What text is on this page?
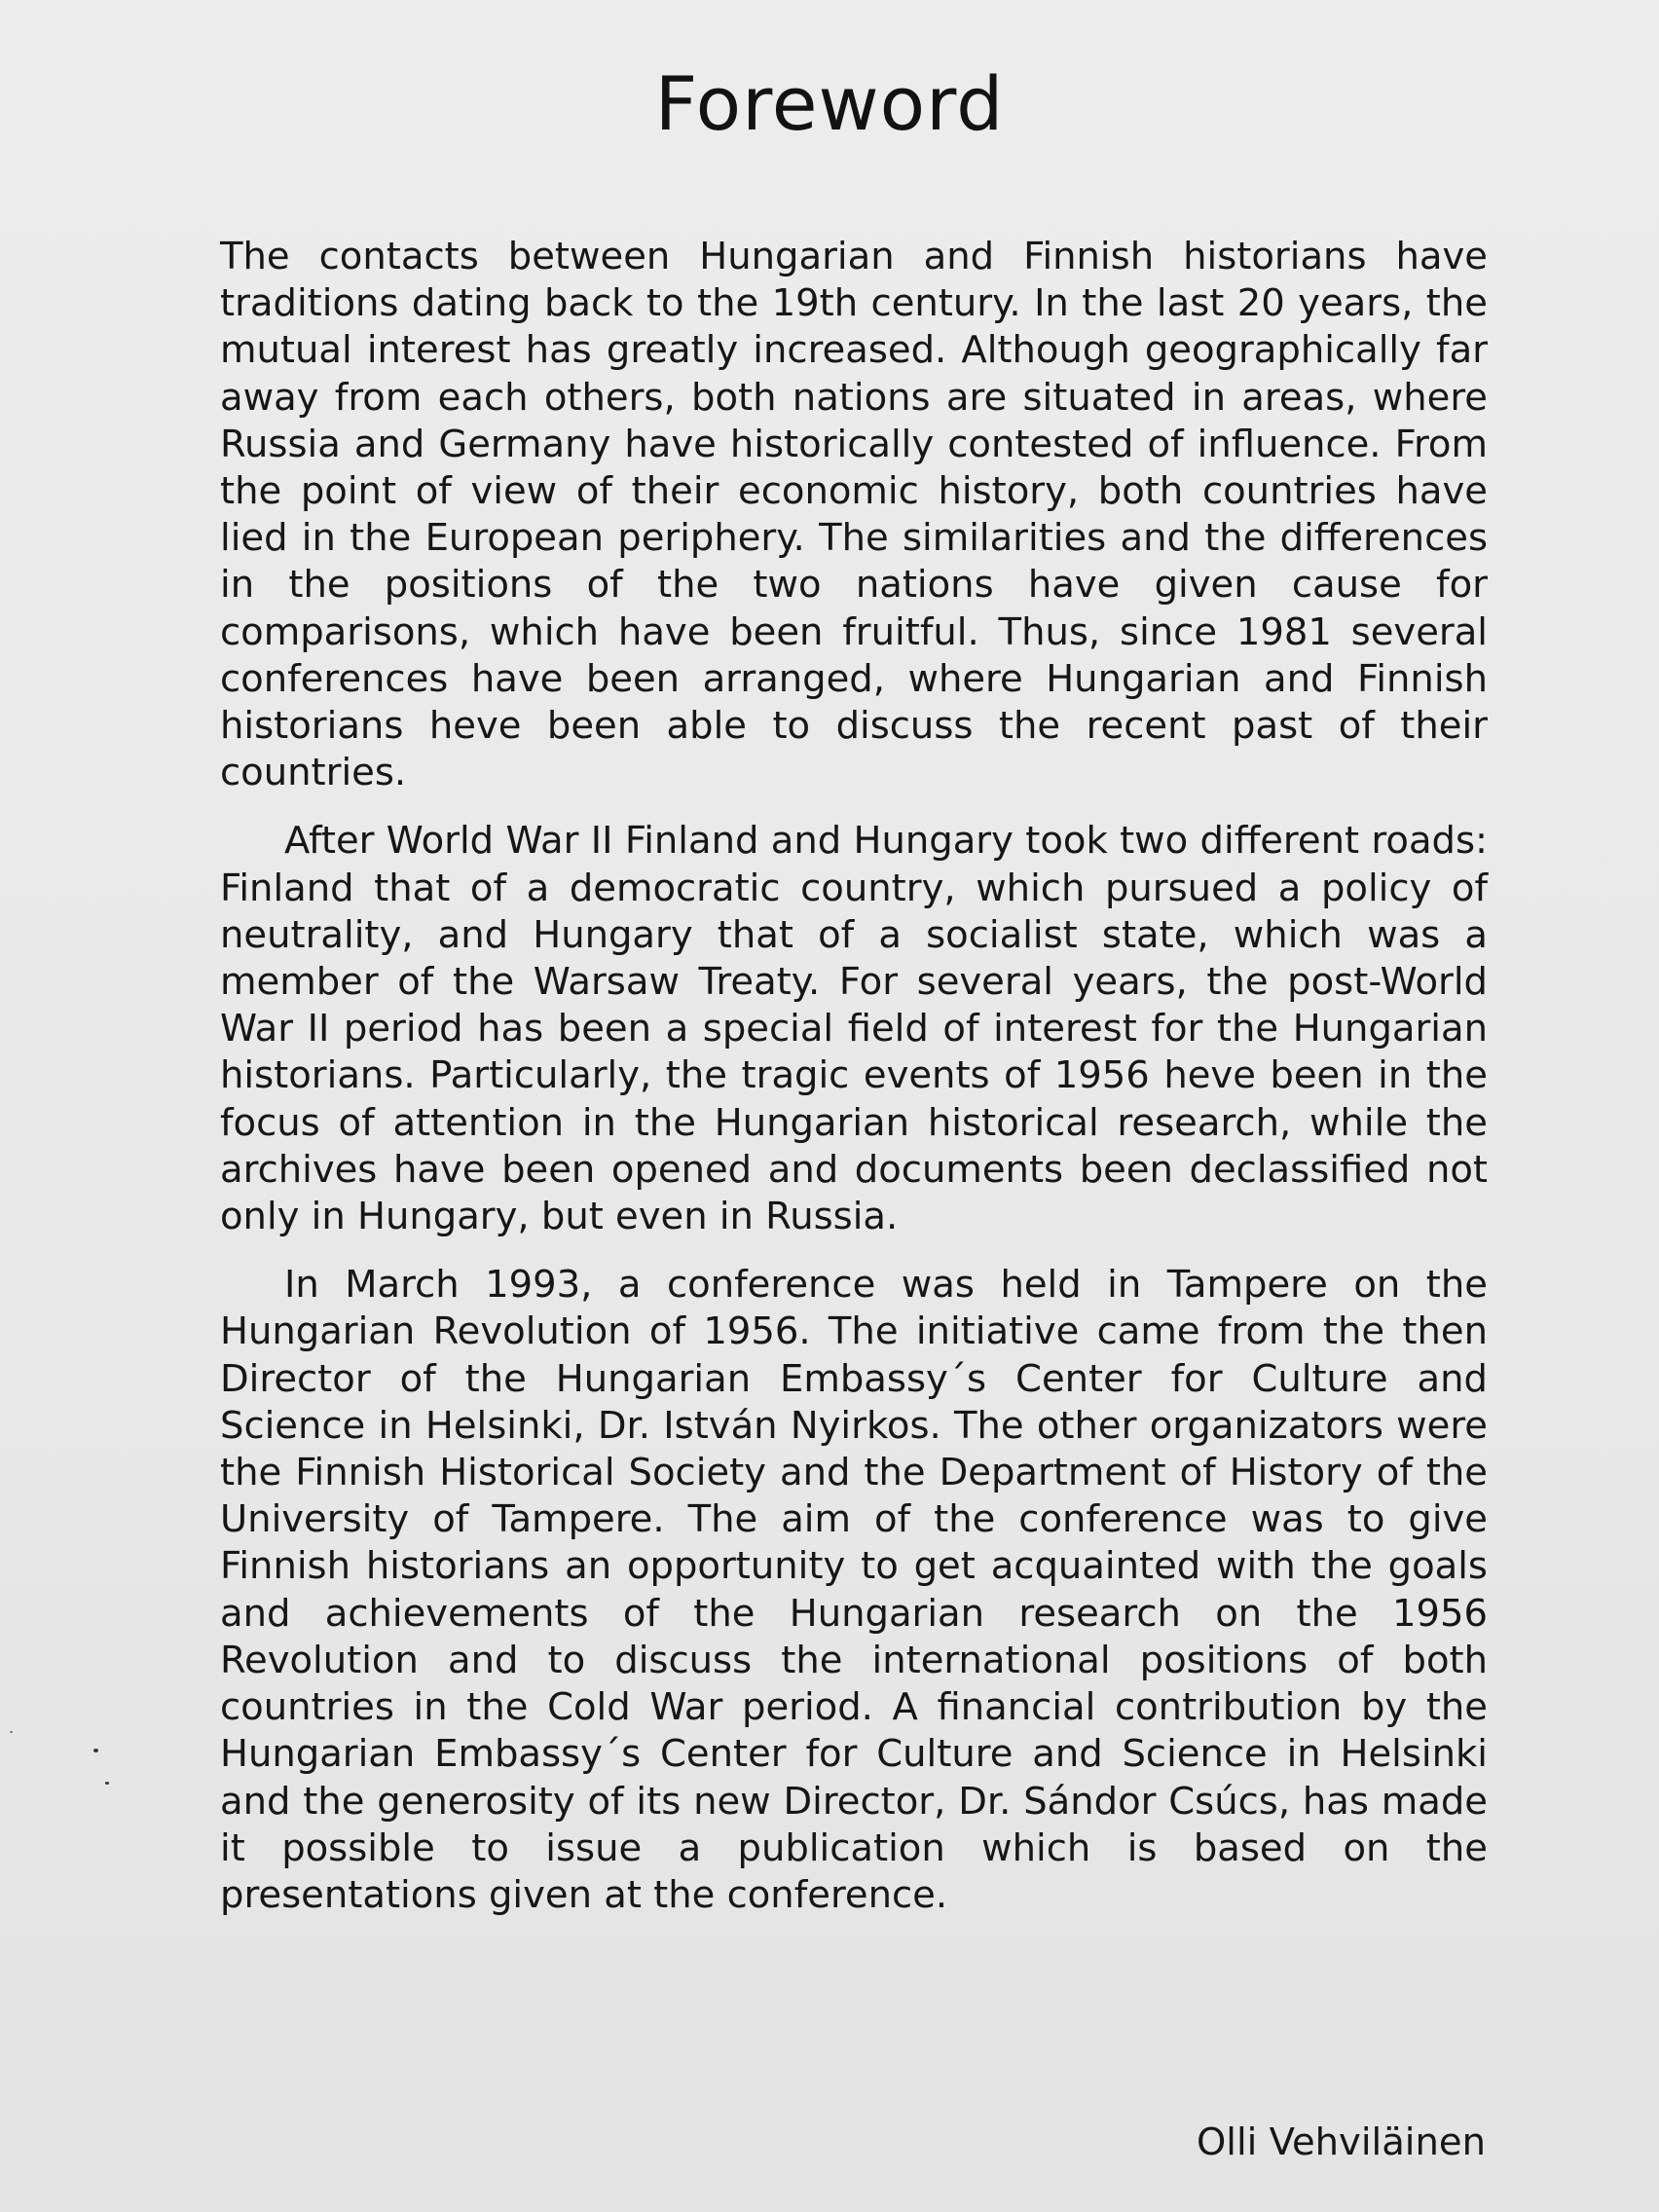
Foreword

The contacts between Hungarian and Finnish historians have traditions dating back to the 19th century. In the last 20 years, the mutual interest has greatly increased. Although geographically far away from each others, both nations are situated in areas, where Russia and Germany have historically contested of influence. From the point of view of their economic history, both countries have lied in the European periphery. The similarities and the differences in the positions of the two nations have given cause for comparisons, which have been fruitful. Thus, since 1981 several conferences have been arranged, where Hungarian and Finnish historians heve been able to discuss the recent past of their countries.

After World War II Finland and Hungary took two different roads: Finland that of a democratic country, which pursued a policy of neutrality, and Hungary that of a socialist state, which was a member of the Warsaw Treaty. For several years, the post-World War II period has been a special field of interest for the Hungarian historians. Particularly, the tragic events of 1956 heve been in the focus of attention in the Hungarian historical research, while the archives have been opened and documents been declassified not only in Hungary, but even in Russia.

In March 1993, a conference was held in Tampere on the Hungarian Revolution of 1956. The initiative came from the then Director of the Hungarian Embassy´s Center for Culture and Science in Helsinki, Dr. István Nyirkos. The other organizators were the Finnish Historical Society and the Department of History of the University of Tampere. The aim of the conference was to give Finnish historians an opportunity to get acquainted with the goals and achievements of the Hungarian research on the 1956 Revolution and to discuss the international positions of both countries in the Cold War period. A financial contribution by the Hungarian Embassy´s Center for Culture and Science in Helsinki and the generosity of its new Director, Dr. Sándor Csúcs, has made it possible to issue a publication which is based on the presentations given at the conference.

Olli Vehviläinen
